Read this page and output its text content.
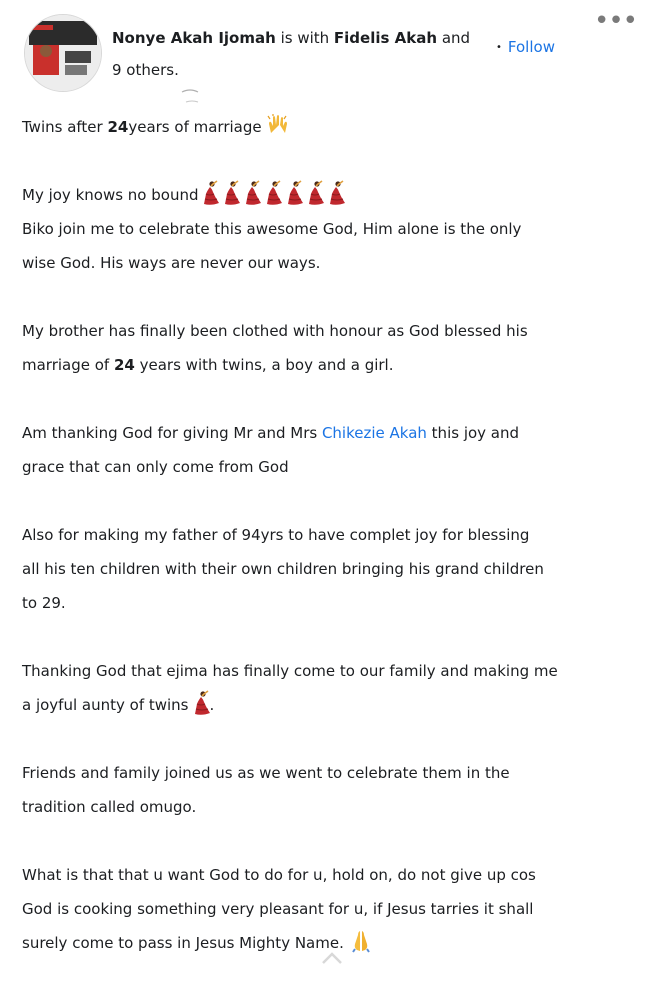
Nonye Akah Ijomah is with Fidelis Akah and
9 others.
•••
• Follow

Twins after 24years of marriage

My joy knows no bound

Biko join me to celebrate this awesome God, Him alone is the only

wise God. His ways are never our ways.

My brother has finally been clothed with honour as God blessed his

marriage of 24 years with twins, a boy and a girl.

Am thanking God for giving Mr and Mrs Chikezie Akah this joy and

grace that can only come from God

Also for making my father of 94yrs to have complet joy for blessing

all his ten children with their own children bringing his grand children

to 29.

Thanking God that ejima has finally come to our family and making me

a joyful aunty of twins .

Friends and family joined us as we went to celebrate them in the

tradition called omugo.

What is that that u want God to do for u, hold on, do not give up cos

God is cooking something very pleasant for u, if Jesus tarries it shall

surely come to pass in Jesus Mighty Name.
